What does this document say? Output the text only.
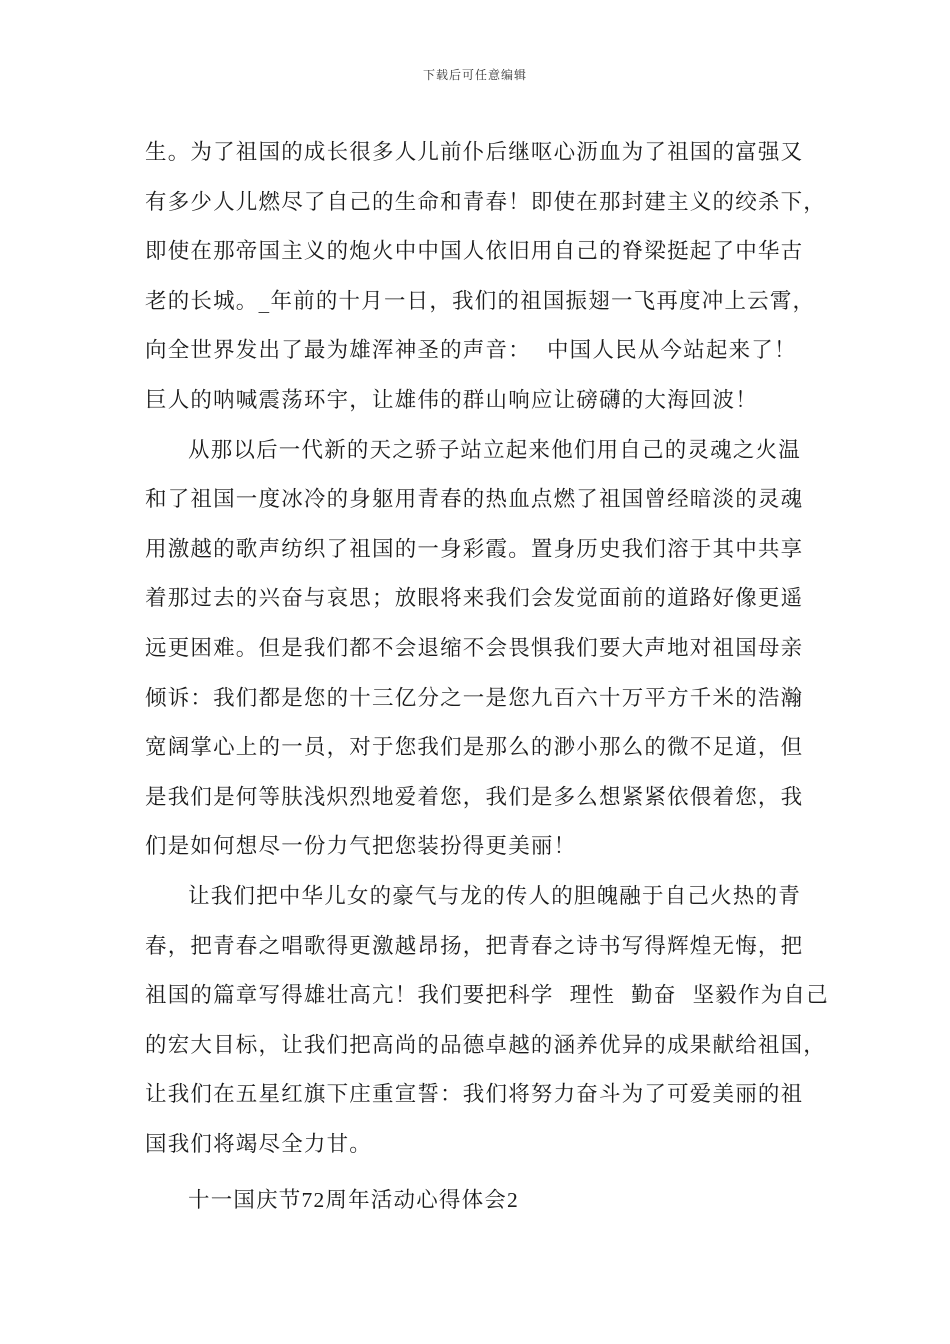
下载后可任意编辑

生。为了祖国的成长很多人儿前仆后继呕心沥血为了祖国的富强又
有多少人儿燃尽了自己的生命和青春！即使在那封建主义的绞杀下，
即使在那帝国主义的炮火中中国人依旧用自己的脊梁挺起了中华古
老的长城。_年前的十月一日，我们的祖国振翅一飞再度冲上云霄，
向全世界发出了最为雄浑神圣的声音：  中国人民从今站起来了！
巨人的呐喊震荡环宇，让雄伟的群山响应让磅礴的大海回波！

从那以后一代新的天之骄子站立起来他们用自己的灵魂之火温
和了祖国一度冰冷的身躯用青春的热血点燃了祖国曾经暗淡的灵魂
用激越的歌声纺织了祖国的一身彩霞。置身历史我们溶于其中共享
着那过去的兴奋与哀思；放眼将来我们会发觉面前的道路好像更遥
远更困难。但是我们都不会退缩不会畏惧我们要大声地对祖国母亲
倾诉：我们都是您的十三亿分之一是您九百六十万平方千米的浩瀚
宽阔掌心上的一员，对于您我们是那么的渺小那么的微不足道，但
是我们是何等肤浅炽烈地爱着您，我们是多么想紧紧依偎着您，我
们是如何想尽一份力气把您装扮得更美丽！

让我们把中华儿女的豪气与龙的传人的胆魄融于自己火热的青
春，把青春之唱歌得更激越昂扬，把青春之诗书写得辉煌无悔，把
祖国的篇章写得雄壮高亢！我们要把科学  理性  勤奋  坚毅作为自己
的宏大目标，让我们把高尚的品德卓越的涵养优异的成果献给祖国，
让我们在五星红旗下庄重宣誓：我们将努力奋斗为了可爱美丽的祖
国我们将竭尽全力甘。

十一国庆节72周年活动心得体会2
